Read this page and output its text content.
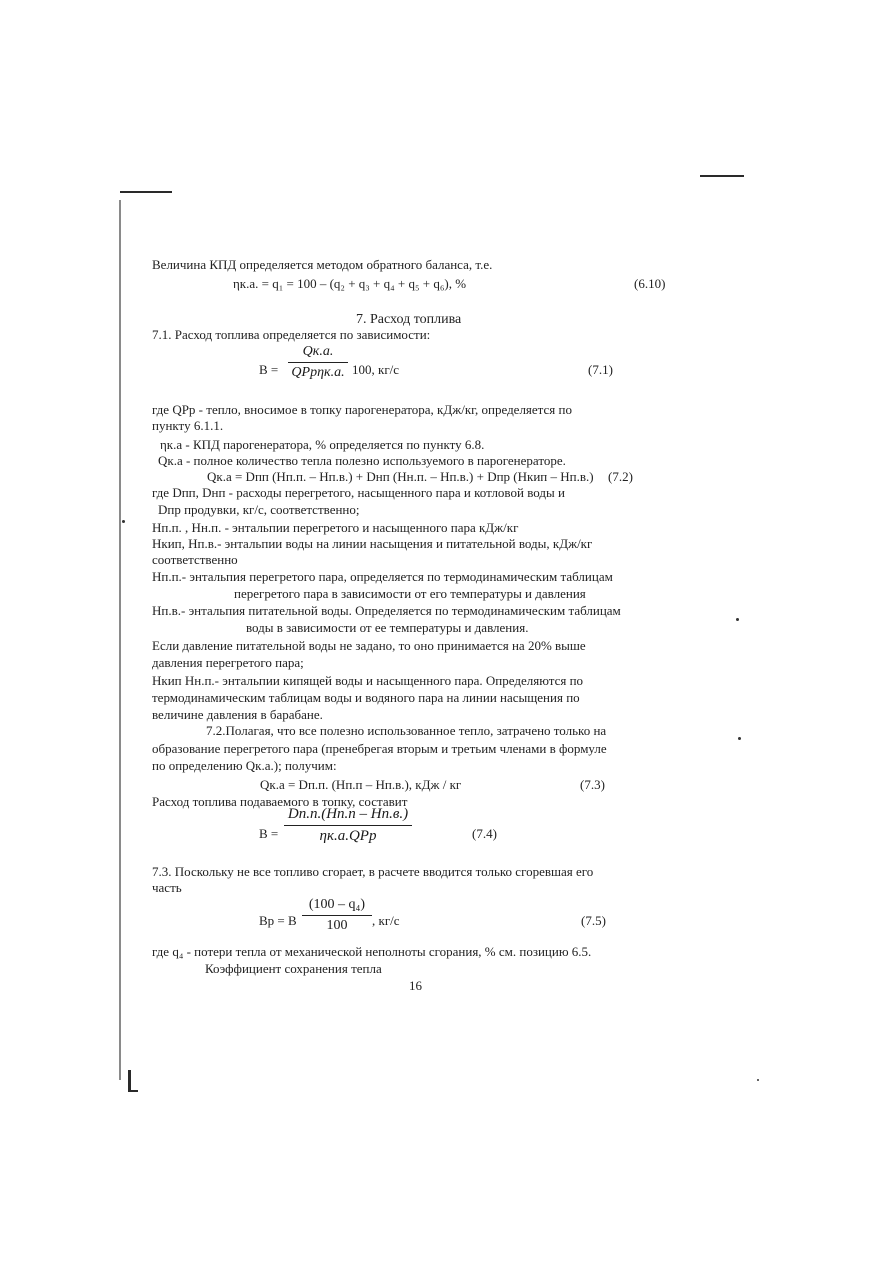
Величина КПД определяется методом обратного баланса, т.е.
ηк.а. = q₁ = 100 – (q₂ + q₃ + q₄ + q₅ + q₆), %	(6.10)
7. Расход топлива
7.1. Расход топлива определяется по зависимости:
B =
Qк.а.
QPрηк.а. 100, кг/с	(7.1)
где QPр - тепло, вносимое в топку парогенератора, кДж/кг, определяется по
пункту 6.1.1.
ηк.а - КПД парогенератора, % определяется по пункту 6.8.
Qк.а - полное количество тепла полезно используемого в парогенераторе.
Qк.а = Dпп (Hп.п. – Hп.в.) + Dнп (Hн.п. – Hп.в.) + Dпр (Hкип – Hп.в.) (7.2)
где Dпп, Dнп - расходы перегретого, насыщенного пара и котловой воды и
Dпр продувки, кг/с, соответственно;
Hп.п. , Hн.п. - энтальпии перегретого и насыщенного пара кДж/кг
Hкип, Hп.в.- энтальпии воды на линии насыщения и питательной воды, кДж/кг
соответственно
Hп.п.- энтальпия перегретого пара, определяется по термодинамическим таблицам
перегретого пара в зависимости от его температуры и давления
Hп.в.- энтальпия питательной воды. Определяется по термодинамическим таблицам
воды в зависимости от ее температуры и давления.
Если давление питательной воды не задано, то оно принимается на 20% выше
давления перегретого пара;
Hкип Hн.п.- энтальпии кипящей воды и насыщенного пара. Определяются по
термодинамическим таблицам воды и водяного пара на линии насыщения по
величине давления в барабане.
7.2.Полагая, что все полезно использованное тепло, затрачено только на
образование перегретого пара (пренебрегая вторым и третьим членами в формуле
по определению Qк.а.); получим:
Qк.а = Dп.п. (Hп.п – Hп.в.), кДж / кг	(7.3)
Расход топлива подаваемого в топку, составит
B =
Dп.п.(Hп.п – Hп.в.)
ηк.а.QPр	(7.4)
7.3. Поскольку не все топливо сгорает, в расчете вводится только сгоревшая его
часть
Bр = B
(100 – q₄)
100	, кг/с	(7.5)
где q₄ - потери тепла от механической неполноты сгорания, % см. позицию 6.5.
Коэффициент сохранения тепла
16
